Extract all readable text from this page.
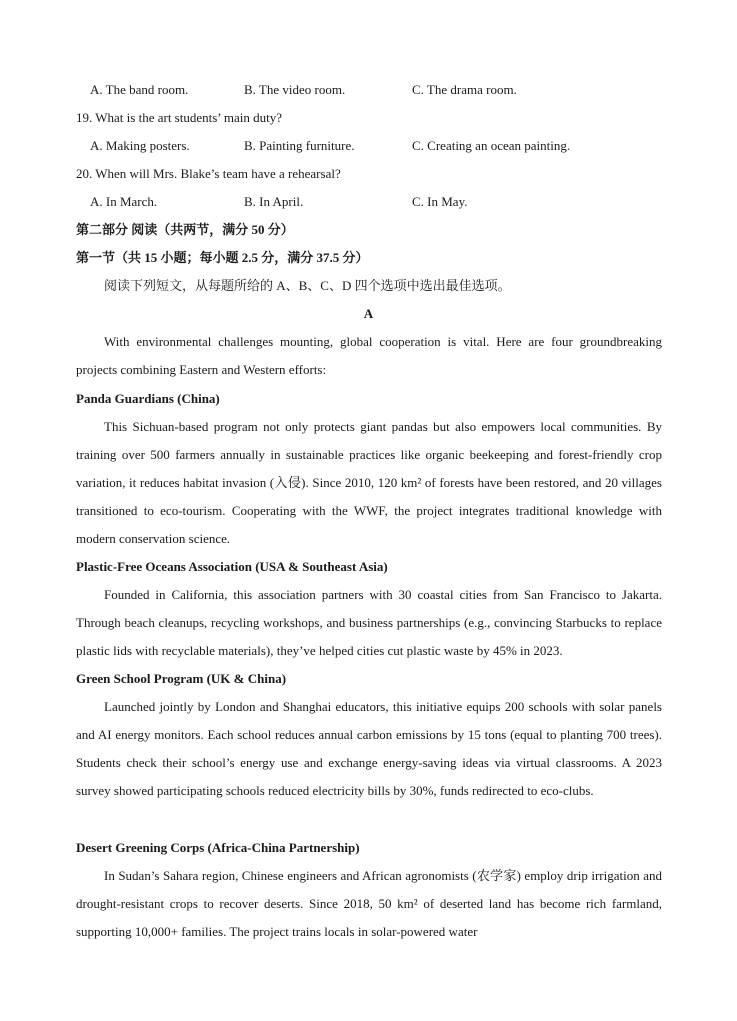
A. The band room.	B. The video room.	C. The drama room.
19. What is the art students’ main duty?
A. Making posters.	B. Painting furniture.	C. Creating an ocean painting.
20. When will Mrs. Blake’s team have a rehearsal?
A. In March.	B. In April.	C. In May.
第二部分 阅读（共两节，满分 50 分）
第一节（共 15 小题；每小题 2.5 分，满分 37.5 分）
阅读下列短文，从每题所给的 A、B、C、D 四个选项中选出最佳选项。
A
With environmental challenges mounting, global cooperation is vital. Here are four groundbreaking projects combining Eastern and Western efforts:
Panda Guardians (China)
This Sichuan-based program not only protects giant pandas but also empowers local communities. By training over 500 farmers annually in sustainable practices like organic beekeeping and forest-friendly crop variation, it reduces habitat invasion (入侵). Since 2010, 120 km² of forests have been restored, and 20 villages transitioned to eco-tourism. Cooperating with the WWF, the project integrates traditional knowledge with modern conservation science.
Plastic-Free Oceans Association (USA & Southeast Asia)
Founded in California, this association partners with 30 coastal cities from San Francisco to Jakarta. Through beach cleanups, recycling workshops, and business partnerships (e.g., convincing Starbucks to replace plastic lids with recyclable materials), they’ve helped cities cut plastic waste by 45% in 2023.
Green School Program (UK & China)
Launched jointly by London and Shanghai educators, this initiative equips 200 schools with solar panels and AI energy monitors. Each school reduces annual carbon emissions by 15 tons (equal to planting 700 trees). Students check their school’s energy use and exchange energy-saving ideas via virtual classrooms. A 2023 survey showed participating schools reduced electricity bills by 30%, funds redirected to eco-clubs.
Desert Greening Corps (Africa-China Partnership)
In Sudan’s Sahara region, Chinese engineers and African agronomists (农学家) employ drip irrigation and drought-resistant crops to recover deserts. Since 2018, 50 km² of deserted land has become rich farmland, supporting 10,000+ families. The project trains locals in solar-powered water
